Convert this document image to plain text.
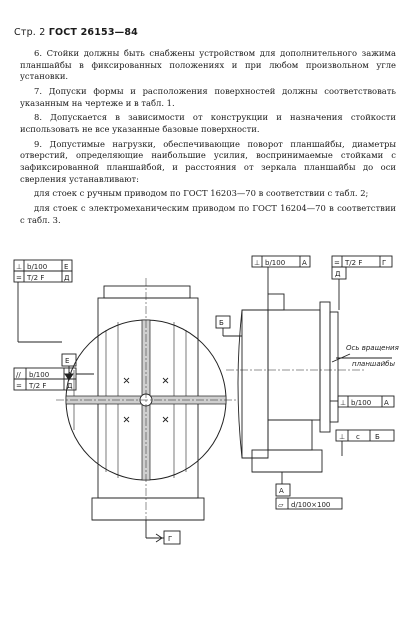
Стр. 2 ГОСТ 26153—84

6. Стойки должны быть снабжены устройством для дополнительного зажима планшайбы в фиксированных положениях и при любом произвольном угле установки.

7. Допуски формы и расположения поверхностей должны соответствовать указанным на чертеже и в табл. 1.

8. Допускается в зависимости от конструкции и назначения стойкости использовать не все указанные базовые поверхности.

9. Допустимые нагрузки, обеспечивающие поворот планшайбы, диаметры отверстий, определяющие наибольшие усилия, воспринимаемые стойками с зафиксированной планшайбой, и расстояния от зеркала планшайбы до оси сверления устанавливают:

для стоек с ручным приводом по ГОСТ 16203—70 в соответствии с табл. 2;

для стоек с электромеханическим приводом по ГОСТ 16204—70 в соответствии с табл. 3.

⊥ b/100 E
= T/2 F	Д
Е
// b/100	А
= T/2 F	Д
Г
⊥ b/100 А	= T/2 F	Г
Д
Б
Ось вращения
планшайбы
⊥ b/100 А
⊥ c Б
А
▱ d/100×100
